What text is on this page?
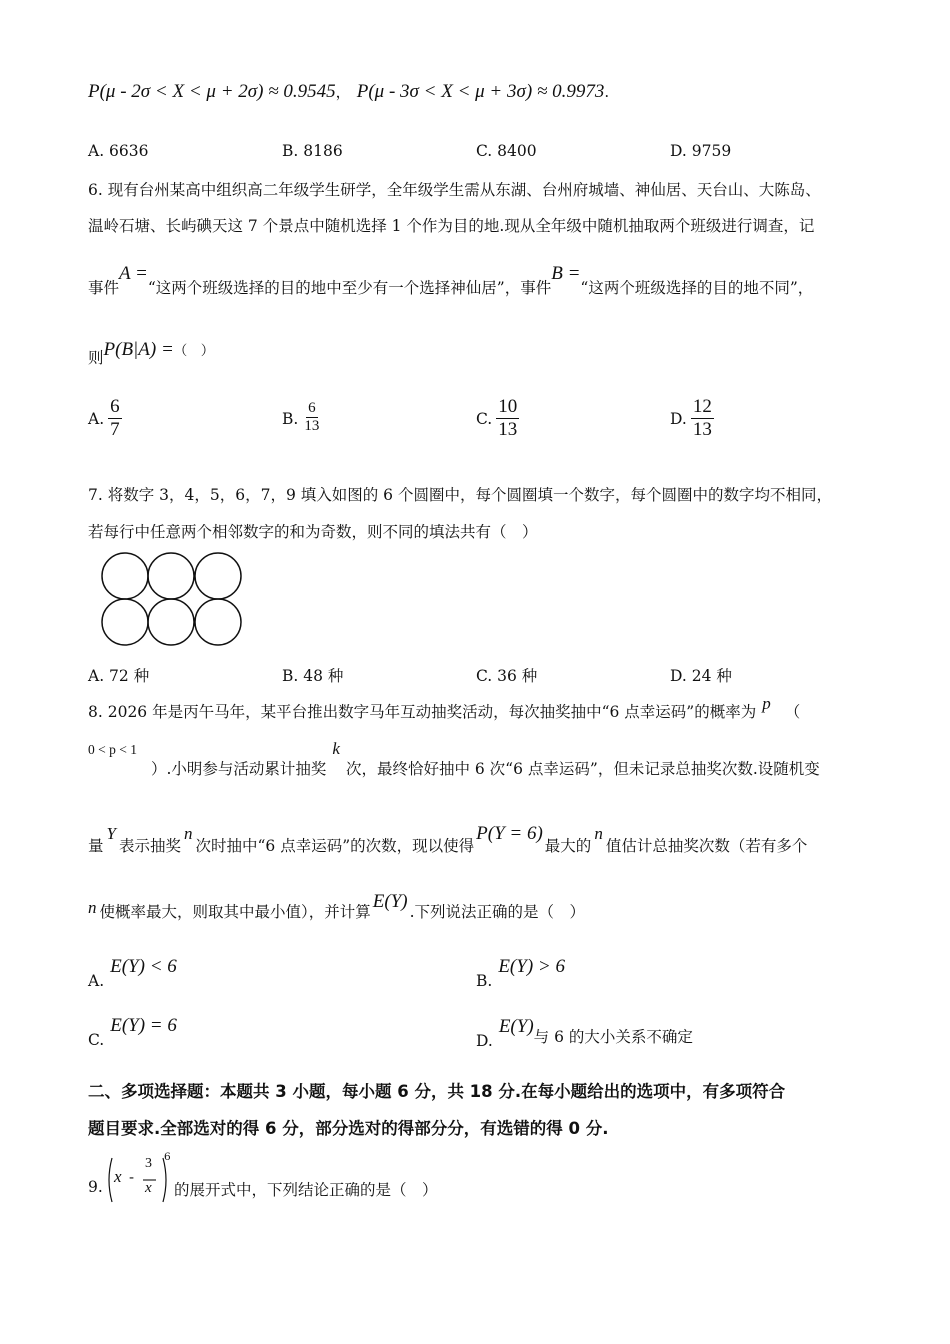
P(μ - 2σ < X < μ + 2σ) ≈ 0.9545， P(μ - 3σ < X < μ + 3σ) ≈ 0.9973.
A. 6636	B. 8186	C. 8400	D. 9759
6. 现有台州某高中组织高二年级学生研学，全年级学生需从东湖、台州府城墙、神仙居、天台山、大陈岛、
温岭石塘、长屿碘天这 7 个景点中随机选择 1 个作为目的地.现从全年级中随机抽取两个班级进行调查，记
事件A =“这两个班级选择的目的地中至少有一个选择神仙居”，事件B =“这两个班级选择的目的地不同”，
则P(B|A) =（　）
A. $\frac{6}{7}$	B. $\frac{6}{13}$	C. $\frac{10}{13}$	D. $\frac{12}{13}$
7. 将数字 3，4，5，6，7，9 填入如图的 6 个圆圈中，每个圆圈填一个数字，每个圆圈中的数字均不相同，
若每行中任意两个相邻数字的和为奇数，则不同的填法共有（　）
A. 72 种	B. 48 种	C. 36 种	D. 24 种
8. 2026 年是丙午马年，某平台推出数字马年互动抽奖活动，每次抽奖抽中“6 点幸运码”的概率为 p （
0 < p < 1）.小明参与活动累计抽奖k次，最终恰好抽中 6 次“6 点幸运码”，但未记录总抽奖次数.设随机变
量Y表示抽奖n次时抽中“6 点幸运码”的次数，现以使得P(Y = 6)最大的n值估计总抽奖次数（若有多个
n 使概率最大，则取其中最小值），并计算 E(Y) .下列说法正确的是（　）
A.E(Y) < 6
B.E(Y) > 6
C.E(Y) = 6
D.E(Y)与 6 的大小关系不确定
二、多项选择题：本题共 3 小题，每小题 6 分，共 18 分.在每小题给出的选项中，有多项符合
题目要求.全部选对的得 6 分，部分选对的得部分分，有选错的得 0 分.
9.
x -
3
x
6
的展开式中，下列结论正确的是（　）
